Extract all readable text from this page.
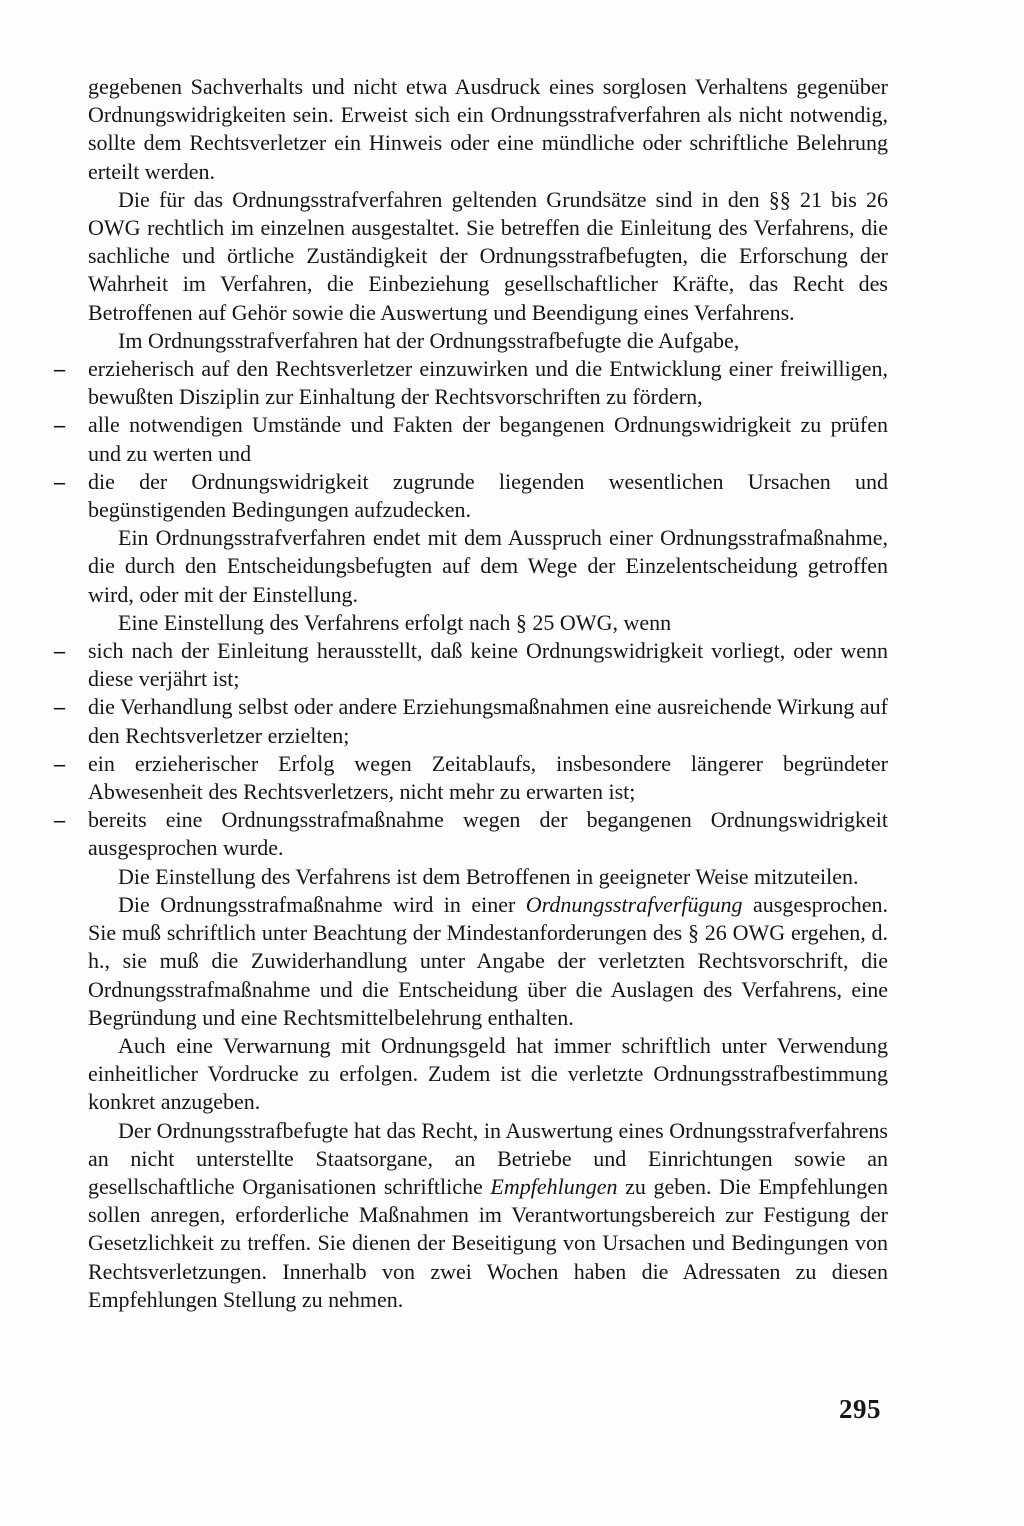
gegebenen Sachverhalts und nicht etwa Ausdruck eines sorglosen Verhaltens gegenüber Ordnungswidrigkeiten sein. Erweist sich ein Ordnungsstrafverfahren als nicht notwendig, sollte dem Rechtsverletzer ein Hinweis oder eine mündliche oder schriftliche Belehrung erteilt werden.

Die für das Ordnungsstrafverfahren geltenden Grundsätze sind in den §§ 21 bis 26 OWG rechtlich im einzelnen ausgestaltet. Sie betreffen die Einleitung des Verfahrens, die sachliche und örtliche Zuständigkeit der Ordnungsstrafbefugten, die Erforschung der Wahrheit im Verfahren, die Einbeziehung gesellschaftlicher Kräfte, das Recht des Betroffenen auf Gehör sowie die Auswertung und Beendigung eines Verfahrens.

Im Ordnungsstrafverfahren hat der Ordnungsstrafbefugte die Aufgabe,

– erzieherisch auf den Rechtsverletzer einzuwirken und die Entwicklung einer freiwilligen, bewußten Disziplin zur Einhaltung der Rechtsvorschriften zu fördern,
– alle notwendigen Umstände und Fakten der begangenen Ordnungswidrigkeit zu prüfen und zu werten und
– die der Ordnungswidrigkeit zugrunde liegenden wesentlichen Ursachen und begünstigenden Bedingungen aufzudecken.

Ein Ordnungsstrafverfahren endet mit dem Ausspruch einer Ordnungsstrafmaßnahme, die durch den Entscheidungsbefugten auf dem Wege der Einzelentscheidung getroffen wird, oder mit der Einstellung.

Eine Einstellung des Verfahrens erfolgt nach § 25 OWG, wenn

– sich nach der Einleitung herausstellt, daß keine Ordnungswidrigkeit vorliegt, oder wenn diese verjährt ist;
– die Verhandlung selbst oder andere Erziehungsmaßnahmen eine ausreichende Wirkung auf den Rechtsverletzer erzielten;
– ein erzieherischer Erfolg wegen Zeitablaufs, insbesondere längerer begründeter Abwesenheit des Rechtsverletzers, nicht mehr zu erwarten ist;
– bereits eine Ordnungsstrafmaßnahme wegen der begangenen Ordnungswidrigkeit ausgesprochen wurde.

Die Einstellung des Verfahrens ist dem Betroffenen in geeigneter Weise mitzuteilen.

Die Ordnungsstrafmaßnahme wird in einer Ordnungsstrafverfügung ausgesprochen. Sie muß schriftlich unter Beachtung der Mindestanforderungen des § 26 OWG ergehen, d. h., sie muß die Zuwiderhandlung unter Angabe der verletzten Rechtsvorschrift, die Ordnungsstrafmaßnahme und die Entscheidung über die Auslagen des Verfahrens, eine Begründung und eine Rechtsmittelbelehrung enthalten.

Auch eine Verwarnung mit Ordnungsgeld hat immer schriftlich unter Verwendung einheitlicher Vordrucke zu erfolgen. Zudem ist die verletzte Ordnungsstrafbestimmung konkret anzugeben.

Der Ordnungsstrafbefugte hat das Recht, in Auswertung eines Ordnungsstrafverfahrens an nicht unterstellte Staatsorgane, an Betriebe und Einrichtungen sowie an gesellschaftliche Organisationen schriftliche Empfehlungen zu geben. Die Empfehlungen sollen anregen, erforderliche Maßnahmen im Verantwortungsbereich zur Festigung der Gesetzlichkeit zu treffen. Sie dienen der Beseitigung von Ursachen und Bedingungen von Rechtsverletzungen. Innerhalb von zwei Wochen haben die Adressaten zu diesen Empfehlungen Stellung zu nehmen.

295
